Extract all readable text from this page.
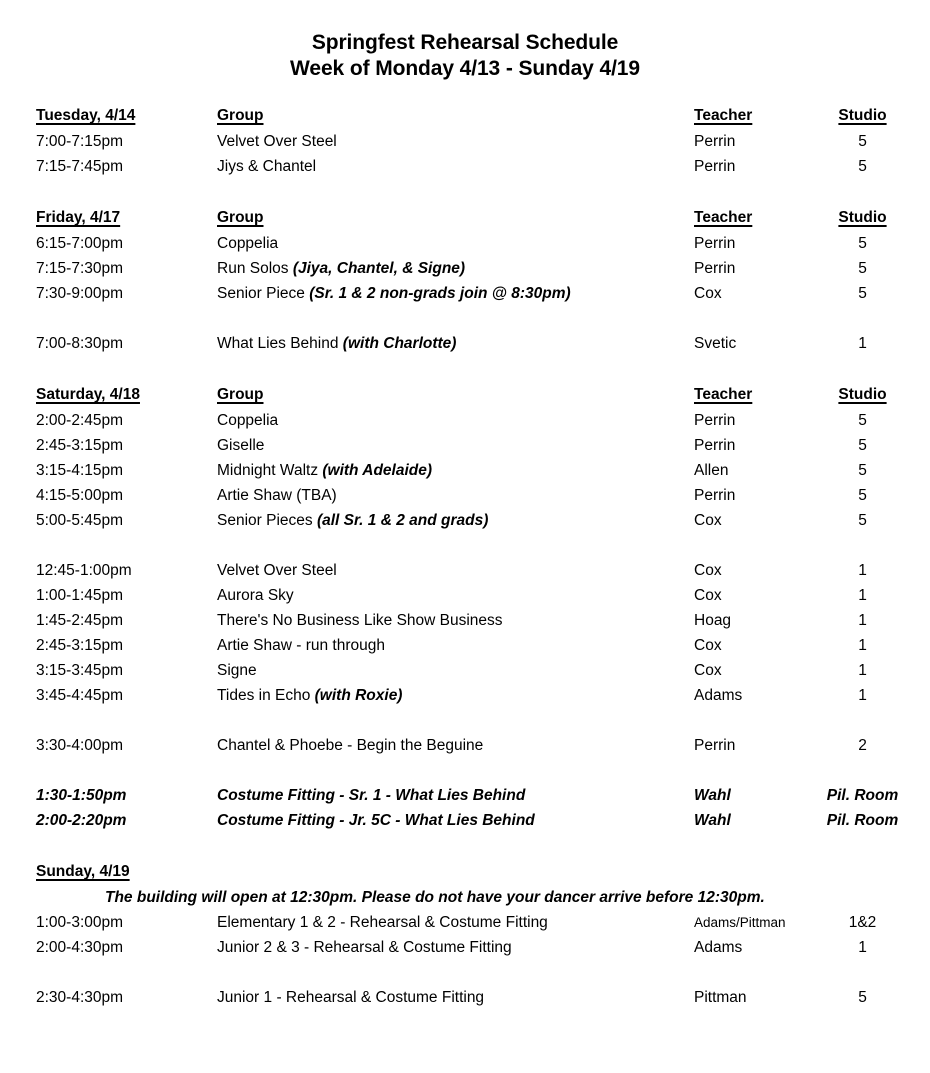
Springfest Rehearsal Schedule
Week of Monday 4/13 - Sunday 4/19
Tuesday, 4/14	Group	Teacher	Studio
7:00-7:15pm	Velvet Over Steel	Perrin	5
7:15-7:45pm	Jiys & Chantel	Perrin	5
Friday, 4/17	Group	Teacher	Studio
6:15-7:00pm	Coppelia	Perrin	5
7:15-7:30pm	Run Solos (Jiya, Chantel, & Signe)	Perrin	5
7:30-9:00pm	Senior Piece (Sr. 1 & 2 non-grads join @ 8:30pm)	Cox	5
7:00-8:30pm	What Lies Behind (with Charlotte)	Svetic	1
Saturday, 4/18	Group	Teacher	Studio
2:00-2:45pm	Coppelia	Perrin	5
2:45-3:15pm	Giselle	Perrin	5
3:15-4:15pm	Midnight Waltz (with Adelaide)	Allen	5
4:15-5:00pm	Artie Shaw (TBA)	Perrin	5
5:00-5:45pm	Senior Pieces (all Sr. 1 & 2 and grads)	Cox	5
12:45-1:00pm	Velvet Over Steel	Cox	1
1:00-1:45pm	Aurora Sky	Cox	1
1:45-2:45pm	There's No Business Like Show Business	Hoag	1
2:45-3:15pm	Artie Shaw - run through	Cox	1
3:15-3:45pm	Signe	Cox	1
3:45-4:45pm	Tides in Echo (with Roxie)	Adams	1
3:30-4:00pm	Chantel & Phoebe - Begin the Beguine	Perrin	2
1:30-1:50pm	Costume Fitting - Sr. 1 - What Lies Behind	Wahl	Pil. Room
2:00-2:20pm	Costume Fitting - Jr. 5C - What Lies Behind	Wahl	Pil. Room
Sunday, 4/19
The building will open at 12:30pm. Please do not have your dancer arrive before 12:30pm.
1:00-3:00pm	Elementary 1 & 2 - Rehearsal & Costume Fitting	Adams/Pittman	1&2
2:00-4:30pm	Junior 2 & 3 - Rehearsal & Costume Fitting	Adams	1
2:30-4:30pm	Junior 1 - Rehearsal & Costume Fitting	Pittman	5
